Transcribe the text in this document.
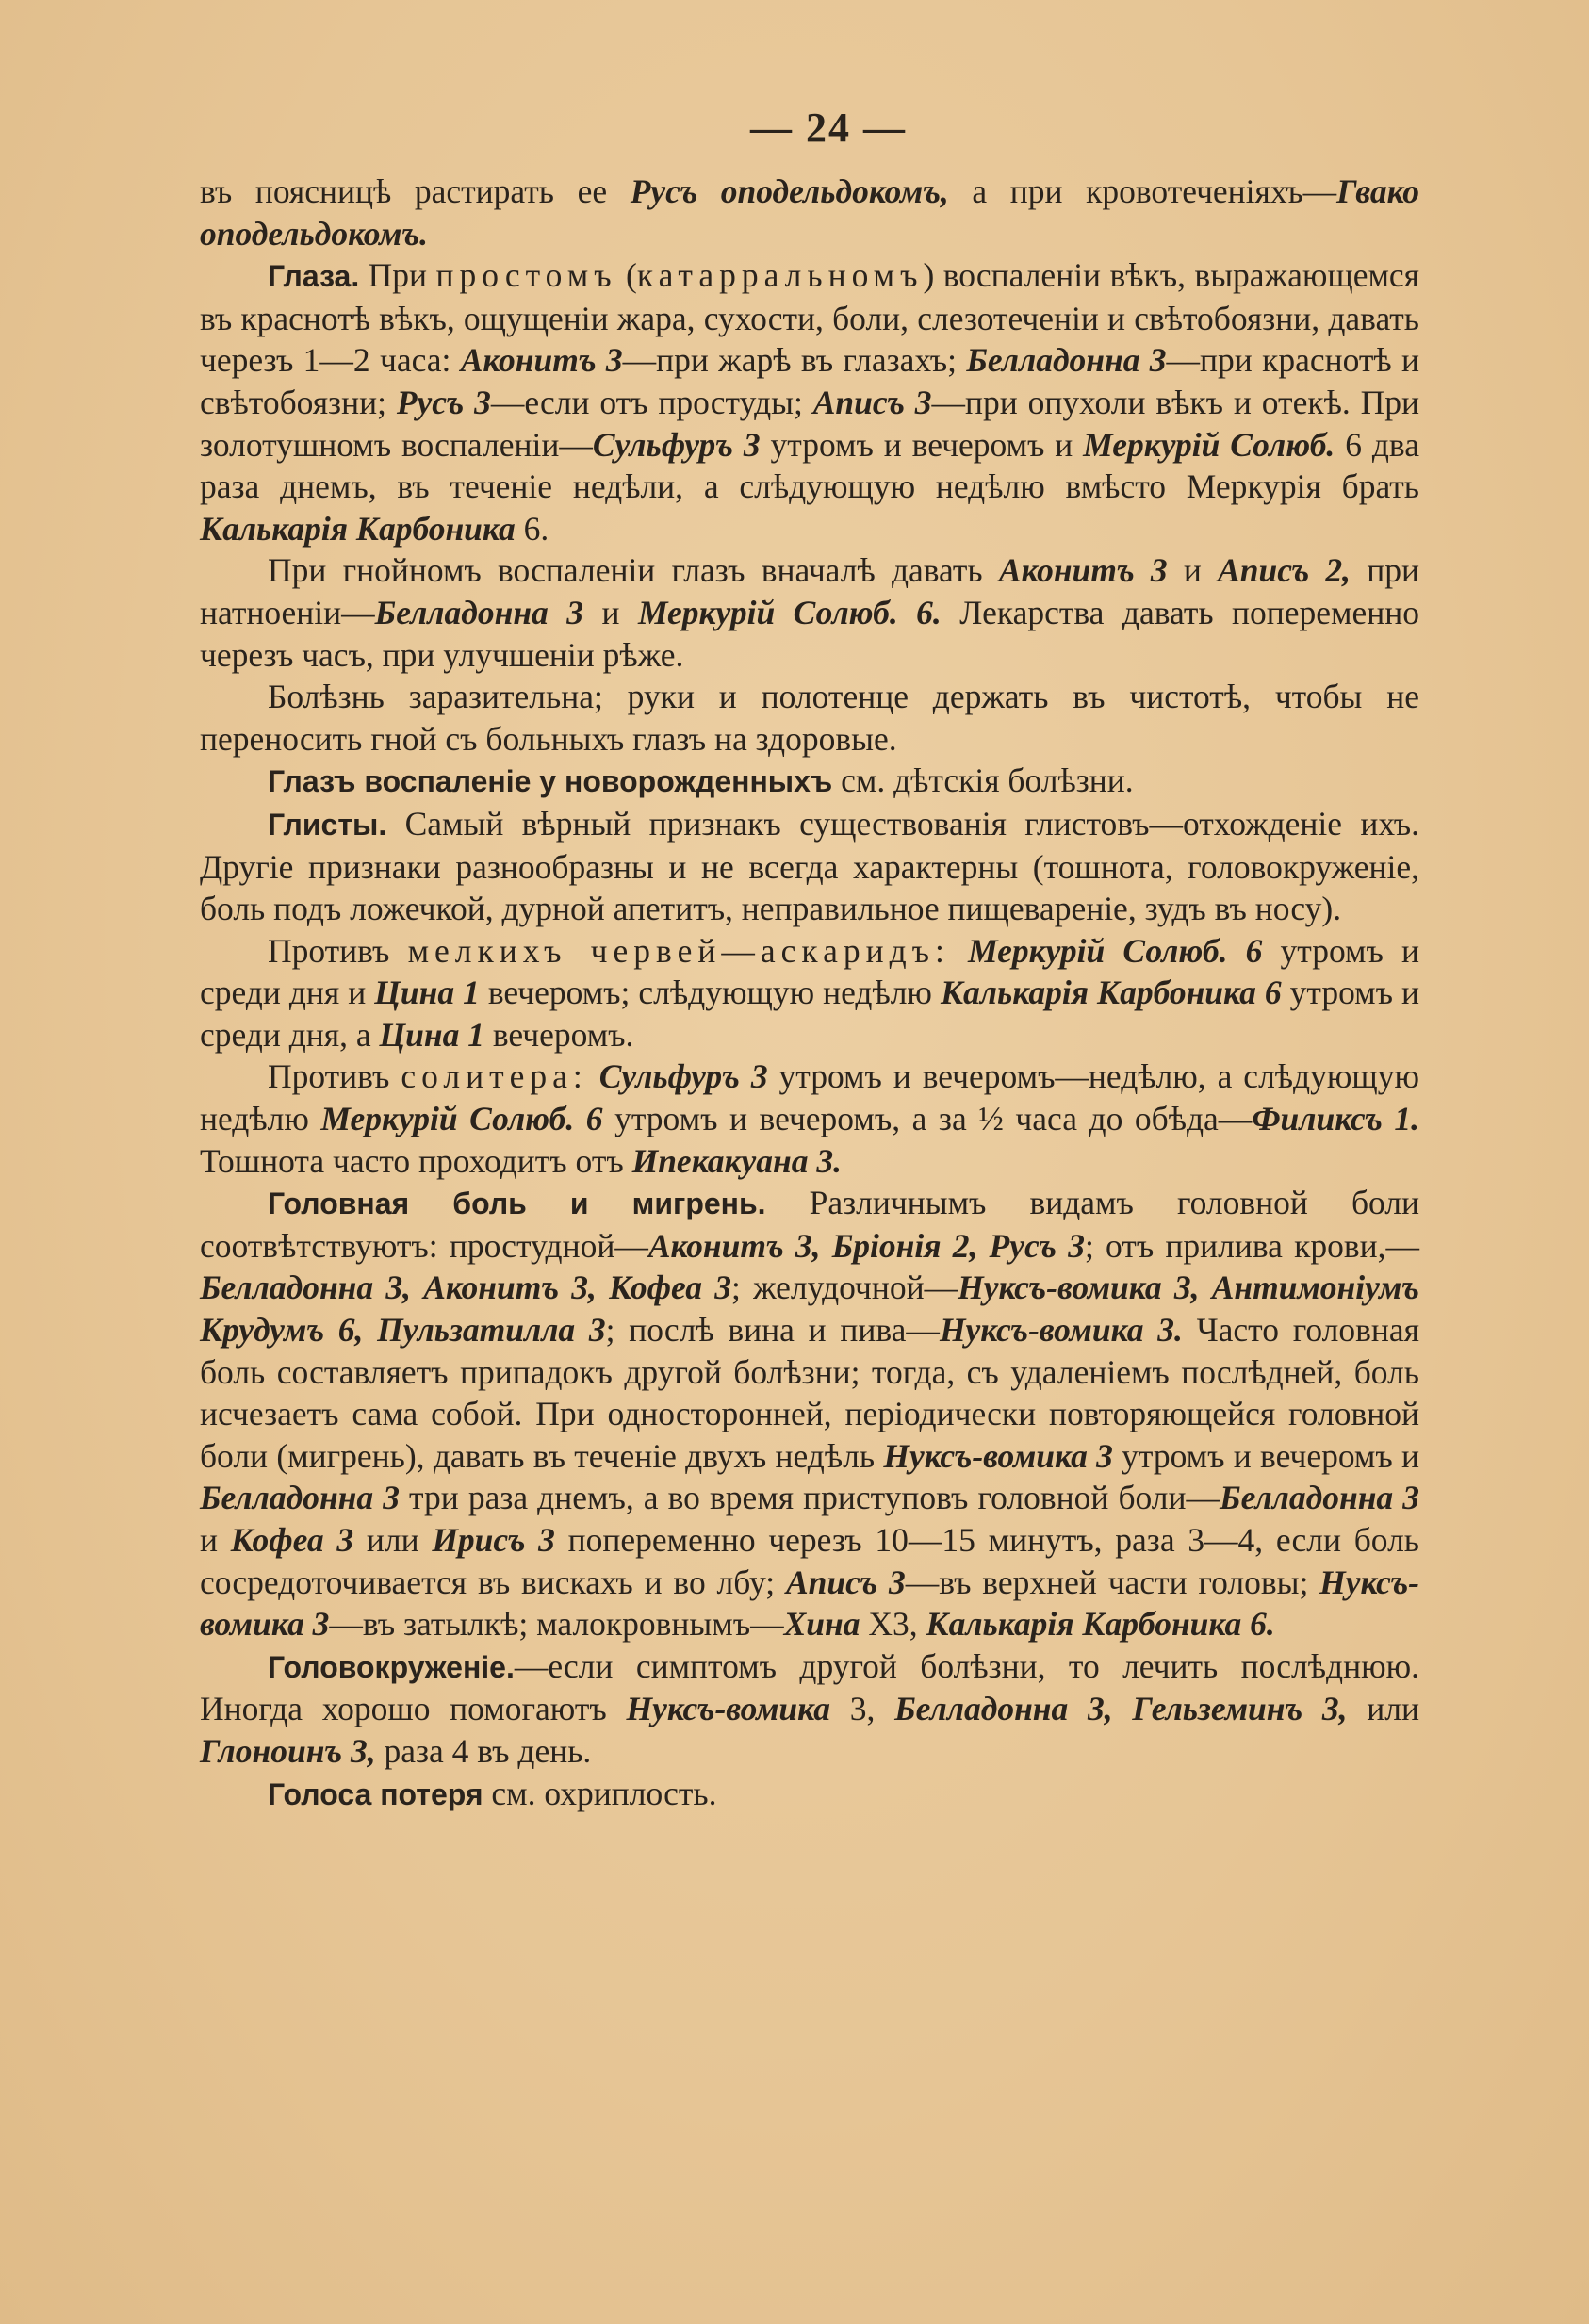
— 24 —

въ поясницѣ растирать ее Русъ оподельдокомъ, а при кровотеченіяхъ—Гвако оподельдокомъ.

Глаза. При простомъ (катарральномъ) воспаленіи вѣкъ, выражающемся въ краснотѣ вѣкъ, ощущеніи жара, сухости, боли, слезотеченіи и свѣтобоязни, давать черезъ 1—2 часа: Аконитъ 3—при жарѣ въ глазахъ; Белладонна 3—при краснотѣ и свѣтобоязни; Русъ 3—если отъ простуды; Аписъ 3—при опухоли вѣкъ и отекѣ. При золотушномъ воспаленіи—Сульфуръ 3 утромъ и вечеромъ и Меркурій Солюб. 6 два раза днемъ, въ теченіе недѣли, а слѣдующую недѣлю вмѣсто Меркурія брать Калькарія Карбоника 6.

При гнойномъ воспаленіи глазъ вначалѣ давать Аконитъ 3 и Аписъ 2, при натноеніи—Белладонна 3 и Меркурій Солюб. 6. Лекарства давать попеременно черезъ часъ, при улучшеніи рѣже.

Болѣзнь заразительна; руки и полотенце держать въ чистотѣ, чтобы не переносить гной съ больныхъ глазъ на здоровые.

Глазъ воспаленіе у новорожденныхъ см. дѣтскія болѣзни.

Глисты. Самый вѣрный признакъ существованія глистовъ—отхожденіе ихъ. Другіе признаки разнообразны и не всегда характерны (тошнота, головокруженіе, боль подъ ложечкой, дурной апетитъ, неправильное пищевареніе, зудъ въ носу).

Противъ мелкихъ червей—аскаридъ: Меркурій Солюб. 6 утромъ и среди дня и Цина 1 вечеромъ; слѣдующую недѣлю Калькарія Карбоника 6 утромъ и среди дня, а Цина 1 вечеромъ.

Противъ солитера: Сульфуръ 3 утромъ и вечеромъ—недѣлю, а слѣдующую недѣлю Меркурій Солюб. 6 утромъ и вечеромъ, а за ½ часа до обѣда—Филиксъ 1. Тошнота часто проходитъ отъ Ипекакуана 3.

Головная боль и мигрень. Различнымъ видамъ головной боли соотвѣтствуютъ: простудной—Аконитъ 3, Бріонія 2, Русъ 3; отъ прилива крови,—Белладонна 3, Аконитъ 3, Кофеа 3; желудочной—Нуксъ-вомика 3, Антимоніумъ Крудумъ 6, Пульзатилла 3; послѣ вина и пива—Нуксъ-вомика 3. Часто головная боль составляетъ припадокъ другой болѣзни; тогда, съ удаленіемъ послѣдней, боль исчезаетъ сама собой. При односторонней, періодически повторяющейся головной боли (мигрень), давать въ теченіе двухъ недѣль Нуксъ-вомика 3 утромъ и вечеромъ и Белладонна 3 три раза днемъ, а во время приступовъ головной боли—Белладонна 3 и Кофеа 3 или Ирисъ 3 попеременно черезъ 10—15 минутъ, раза 3—4, если боль сосредоточивается въ вискахъ и во лбу; Аписъ 3—въ верхней части головы; Нуксъ-вомика 3—въ затылкѣ; малокровнымъ—Хина X3, Калькарія Карбоника 6.

Головокруженіе.—если симптомъ другой болѣзни, то лечить послѣднюю. Иногда хорошо помогаютъ Нуксъ-вомика 3, Белладонна 3, Гельземинъ 3, или Глоноинъ 3, раза 4 въ день.

Голоса потеря см. охриплость.
